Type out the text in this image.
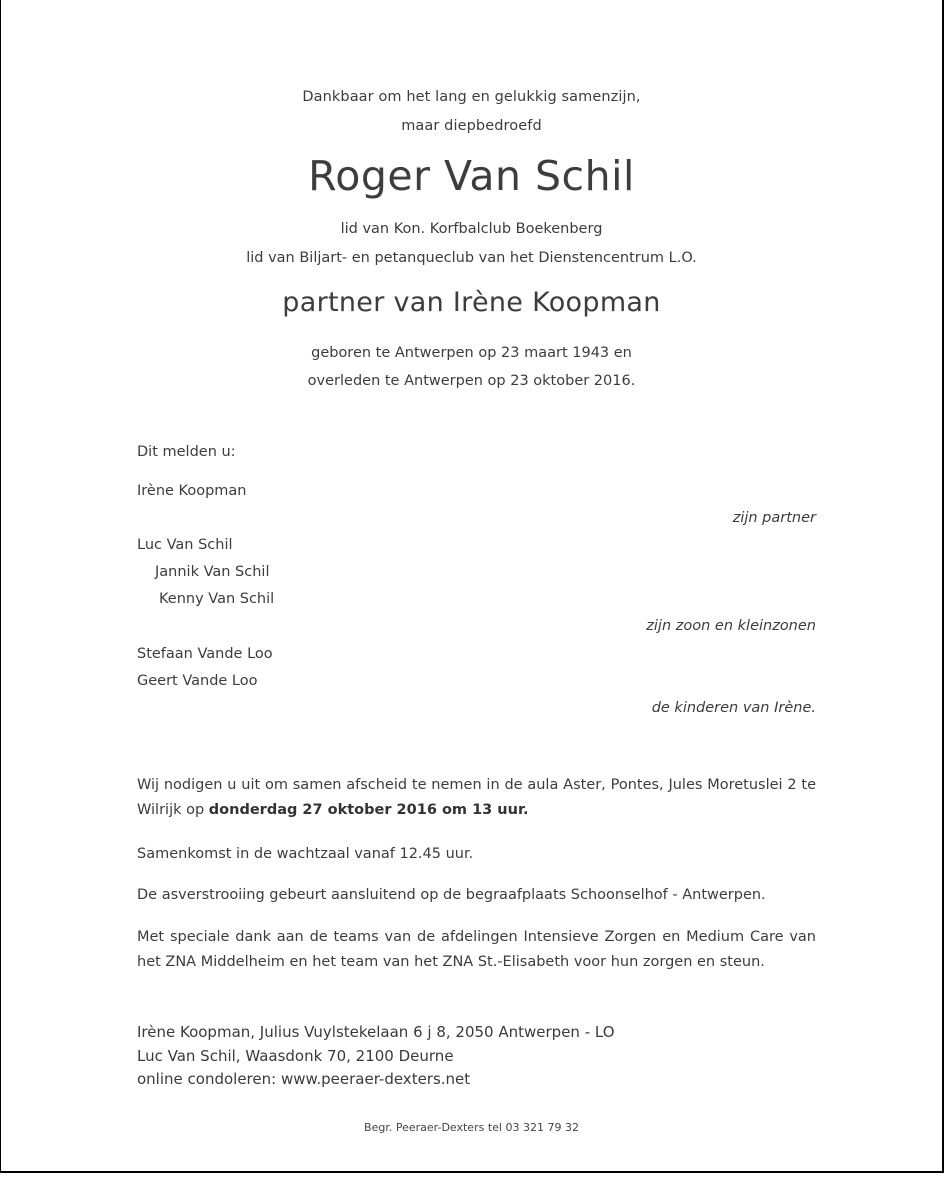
Dankbaar om het lang en gelukkig samenzijn,
maar diepbedroefd
Roger Van Schil
lid van Kon. Korfbalclub Boekenberg
lid van Biljart- en petanqueclub van het Dienstencentrum L.O.
partner van Irène Koopman
geboren te Antwerpen op 23 maart 1943 en
overleden te Antwerpen op 23 oktober 2016.
Dit melden u:
Irène Koopman
zijn partner
Luc Van Schil
Jannik Van Schil
Kenny Van Schil
zijn zoon en kleinzonen
Stefaan Vande Loo
Geert Vande Loo
de kinderen van Irène.
Wij nodigen u uit om samen afscheid te nemen in de aula Aster, Pontes, Jules Moretuslei 2 te Wilrijk op donderdag 27 oktober 2016 om 13 uur.
Samenkomst in de wachtzaal vanaf 12.45 uur.
De asverstrooiing gebeurt aansluitend op de begraafplaats Schoonselhof - Antwerpen.
Met speciale dank aan de teams van de afdelingen Intensieve Zorgen en Medium Care van het ZNA Middelheim en het team van het ZNA St.-Elisabeth voor hun zorgen en steun.
Irène Koopman, Julius Vuylstekelaan 6 j 8, 2050 Antwerpen - LO
Luc Van Schil, Waasdonk 70, 2100 Deurne
online condoleren: www.peeraer-dexters.net
Begr. Peeraer-Dexters tel 03 321 79 32
